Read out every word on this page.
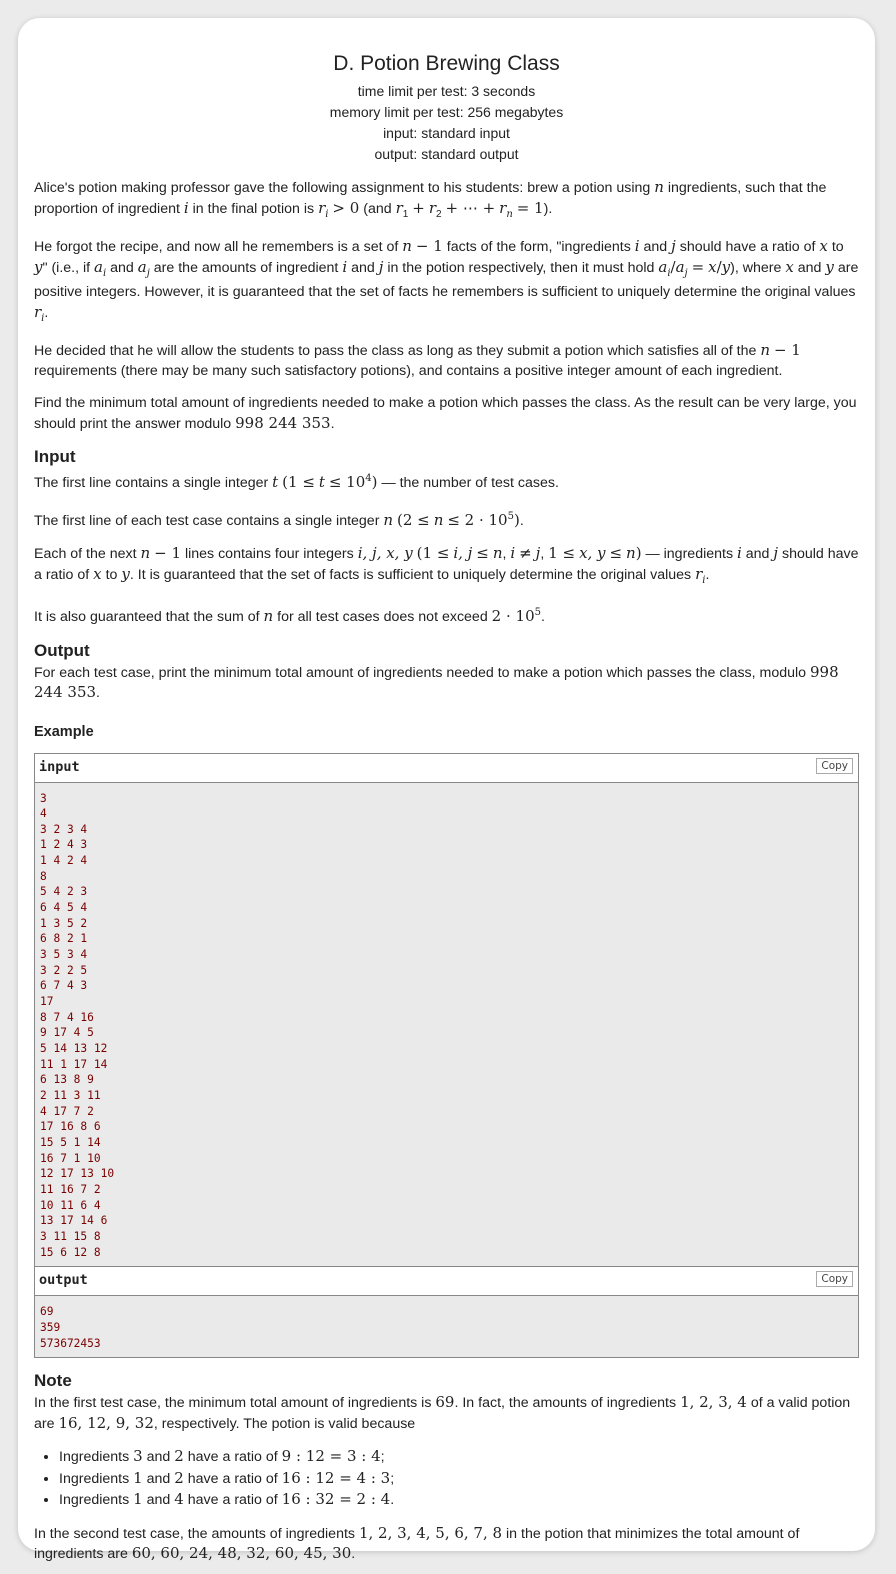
D. Potion Brewing Class
time limit per test: 3 seconds
memory limit per test: 256 megabytes
input: standard input
output: standard output

Alice's potion making professor gave the following assignment to his students: brew a potion using n ingredients, such that the proportion of ingredient i in the final potion is $r_i > 0$ (and $r_1 + r_2$ + ⋯ + $r_n = 1$).

He forgot the recipe, and now all he remembers is a set of n − 1 facts of the form, "ingredients i and j should have a ratio of x to y" (i.e., if $a_i$ and $a_j$ are the amounts of ingredient i and j in the potion respectively, then it must hold $a_i/a_j = x/y$), where x and y are positive integers. However, it is guaranteed that the set of facts he remembers is sufficient to uniquely determine the original values $r_i$.

He decided that he will allow the students to pass the class as long as they submit a potion which satisfies all of the n − 1 requirements (there may be many such satisfactory potions), and contains a positive integer amount of each ingredient.

Find the minimum total amount of ingredients needed to make a potion which passes the class. As the result can be very large, you should print the answer modulo 998 244 353.

Input

The first line contains a single integer t $(1 \le t \le 10^4)$ — the number of test cases.

The first line of each test case contains a single integer n $(2 \le n \le 2 \cdot 10^5)$.

Each of the next n − 1 lines contains four integers i, j, x, y (1 ≤ i, j ≤ n, i ≠ j, 1 ≤ x, y ≤ n) — ingredients i and j should have a ratio of x to y. It is guaranteed that the set of facts is sufficient to uniquely determine the original values $r_i$.

It is also guaranteed that the sum of n for all test cases does not exceed $2 \cdot 10^5$.

Output

For each test case, print the minimum total amount of ingredients needed to make a potion which passes the class, modulo 998 244 353.

Example
input	Copy
3
4
3 2 3 4
1 2 4 3
1 4 2 4
8
5 4 2 3
6 4 5 4
1 3 5 2
6 8 2 1
3 5 3 4
3 2 2 5
6 7 4 3
17
8 7 4 16
9 17 4 5
5 14 13 12
11 1 17 14
6 13 8 9
2 11 3 11
4 17 7 2
17 16 8 6
15 5 1 14
16 7 1 10
12 17 13 10
11 16 7 2
10 11 6 4
13 17 14 6
3 11 15 8
15 6 12 8
output	Copy
69
359
573672453
Note

In the first test case, the minimum total amount of ingredients is 69. In fact, the amounts of ingredients 1, 2, 3, 4 of a valid potion are 16, 12, 9, 32, respectively. The potion is valid because

• Ingredients 3 and 2 have a ratio of 9 : 12 = 3 : 4;
• Ingredients 1 and 2 have a ratio of 16 : 12 = 4 : 3;
• Ingredients 1 and 4 have a ratio of 16 : 32 = 2 : 4.

In the second test case, the amounts of ingredients 1, 2, 3, 4, 5, 6, 7, 8 in the potion that minimizes the total amount of ingredients are 60, 60, 24, 48, 32, 60, 45, 30.
